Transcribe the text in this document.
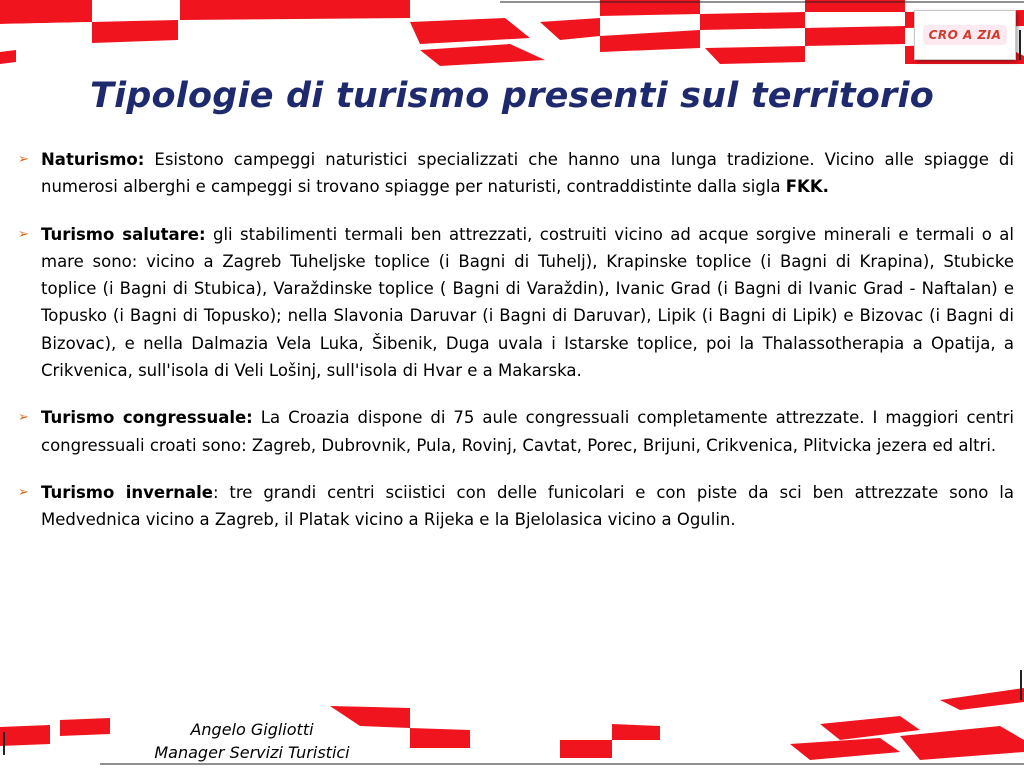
CRO A ZIA
Tipologie di turismo presenti sul territorio
➢ Naturismo: Esistono campeggi naturistici specializzati che hanno una lunga tradizione. Vicino alle spiagge di numerosi alberghi e campeggi si trovano spiagge per naturisti, contraddistinte dalla sigla FKK.
➢ Turismo salutare: gli stabilimenti termali ben attrezzati, costruiti vicino ad acque sorgive minerali e termali o al mare sono: vicino a Zagreb Tuheljske toplice (i Bagni di Tuhelj), Krapinske toplice (i Bagni di Krapina), Stubicke toplice (i Bagni di Stubica), Varaždinske toplice ( Bagni di Varaždin), Ivanic Grad (i Bagni di Ivanic Grad - Naftalan) e Topusko (i Bagni di Topusko); nella Slavonia Daruvar (i Bagni di Daruvar), Lipik (i Bagni di Lipik) e Bizovac (i Bagni di Bizovac), e nella Dalmazia Vela Luka, Šibenik, Duga uvala i Istarske toplice, poi la Thalassotherapia a Opatija, a Crikvenica, sull'isola di Veli Lošinj, sull'isola di Hvar e a Makarska.
➢ Turismo congressuale: La Croazia dispone di 75 aule congressuali completamente attrezzate. I maggiori centri congressuali croati sono: Zagreb, Dubrovnik, Pula, Rovinj, Cavtat, Porec, Brijuni, Crikvenica, Plitvicka jezera ed altri.
➢ Turismo invernale: tre grandi centri sciistici con delle funicolari e con piste da sci ben attrezzate sono la Medvednica vicino a Zagreb, il Platak vicino a Rijeka e la Bjelolasica vicino a Ogulin.
Angelo Gigliotti
Manager Servizi Turistici
